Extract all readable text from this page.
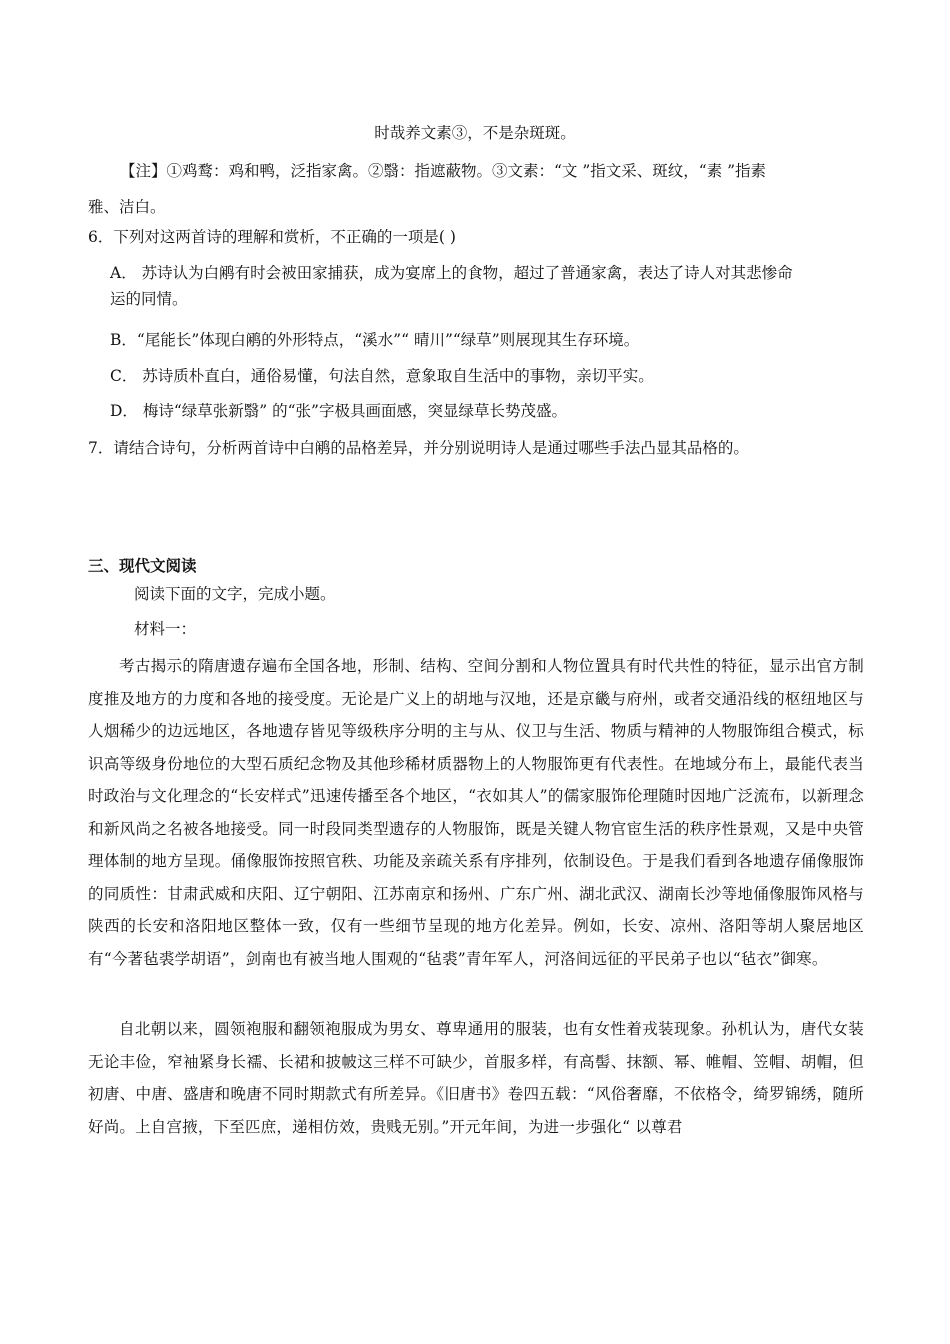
时哉养文素③，不是杂斑斑。
【注】①鸡鹜：鸡和鸭，泛指家禽。②翳：指遮蔽物。③文素：“文 ”指文采、斑纹，“素 ”指素
雅、洁白。
6．下列对这两首诗的理解和赏析，不正确的一项是( )
A． 苏诗认为白鹇有时会被田家捕获，成为宴席上的食物，超过了普通家禽，表达了诗人对其悲惨命
运的同情。
B．“尾能长”体现白鹇的外形特点，“溪水”“ 晴川”“绿草”则展现其生存环境。
C． 苏诗质朴直白，通俗易懂，句法自然，意象取自生活中的事物，亲切平实。
D． 梅诗“绿草张新翳” 的“张”字极具画面感，突显绿草长势茂盛。
7．请结合诗句，分析两首诗中白鹇的品格差异，并分别说明诗人是通过哪些手法凸显其品格的。
三、现代文阅读
阅读下面的文字，完成小题。
材料一：
考古揭示的隋唐遗存遍布全国各地，形制、结构、空间分割和人物位置具有时代共性的特征，显示出官方制度推及地方的力度和各地的接受度。无论是广义上的胡地与汉地，还是京畿与府州，或者交通沿线的枢纽地区与人烟稀少的边远地区，各地遗存皆见等级秩序分明的主与从、仪卫与生活、物质与精神的人物服饰组合模式，标识高等级身份地位的大型石质纪念物及其他珍稀材质器物上的人物服饰更有代表性。在地域分布上，最能代表当时政治与文化理念的“长安样式”迅速传播至各个地区，“衣如其人”的儒家服饰伦理随时因地广泛流布，以新理念和新风尚之名被各地接受。同一时段同类型遗存的人物服饰，既是关键人物官宦生活的秩序性景观，又是中央管理体制的地方呈现。俑像服饰按照官秩、功能及亲疏关系有序排列，依制设色。于是我们看到各地遗存俑像服饰的同质性：甘肃武威和庆阳、辽宁朝阳、江苏南京和扬州、广东广州、湖北武汉、湖南长沙等地俑像服饰风格与陕西的长安和洛阳地区整体一致，仅有一些细节呈现的地方化差异。例如，长安、凉州、洛阳等胡人聚居地区有“今著毡裘学胡语”，剑南也有被当地人围观的“毡裘”青年军人，河洛间远征的平民弟子也以“毡衣”御寒。
自北朝以来，圆领袍服和翻领袍服成为男女、尊卑通用的服装，也有女性着戎装现象。孙机认为，唐代女装无论丰俭，窄袖紧身长襦、长裙和披帔这三样不可缺少，首服多样，有高髻、抹额、幂、帷帽、笠帽、胡帽，但初唐、中唐、盛唐和晚唐不同时期款式有所差异。《旧唐书》卷四五载：“风俗奢靡，不依格令，绮罗锦绣，随所好尚。上自宫掖，下至匹庶，递相仿效，贵贱无别。”开元年间，为进一步强化“ 以尊君
